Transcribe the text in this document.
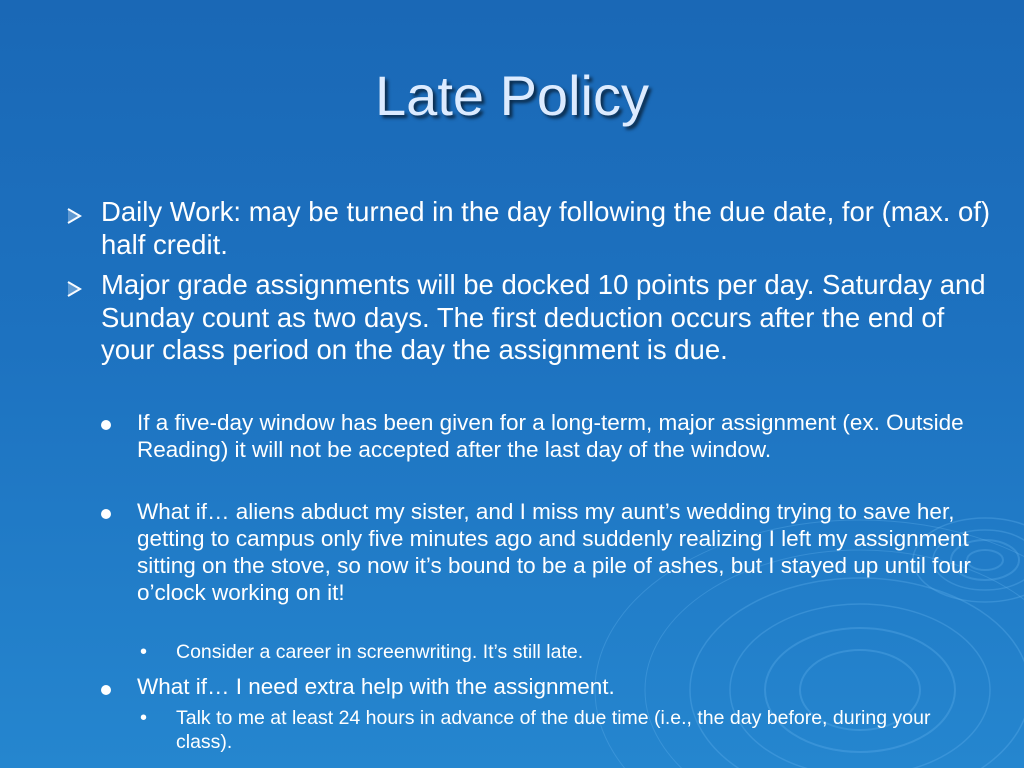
Late Policy
Daily Work: may be turned in the day following the due date, for (max. of) half credit.
Major grade assignments will be docked 10 points per day. Saturday and Sunday count as two days. The first deduction occurs after the end of your class period on the day the assignment is due.
If a five-day window has been given for a long-term, major assignment (ex. Outside Reading) it will not be accepted after the last day of the window.
What if… aliens abduct my sister, and I miss my aunt’s wedding trying to save her, getting to campus only five minutes ago and suddenly realizing I left my assignment sitting on the stove, so now it’s bound to be a pile of ashes, but I stayed up until four o’clock working on it!
• Consider a career in screenwriting. It’s still late.
What if… I need extra help with the assignment.
• Talk to me at least 24 hours in advance of the due time (i.e., the day before, during your class).
